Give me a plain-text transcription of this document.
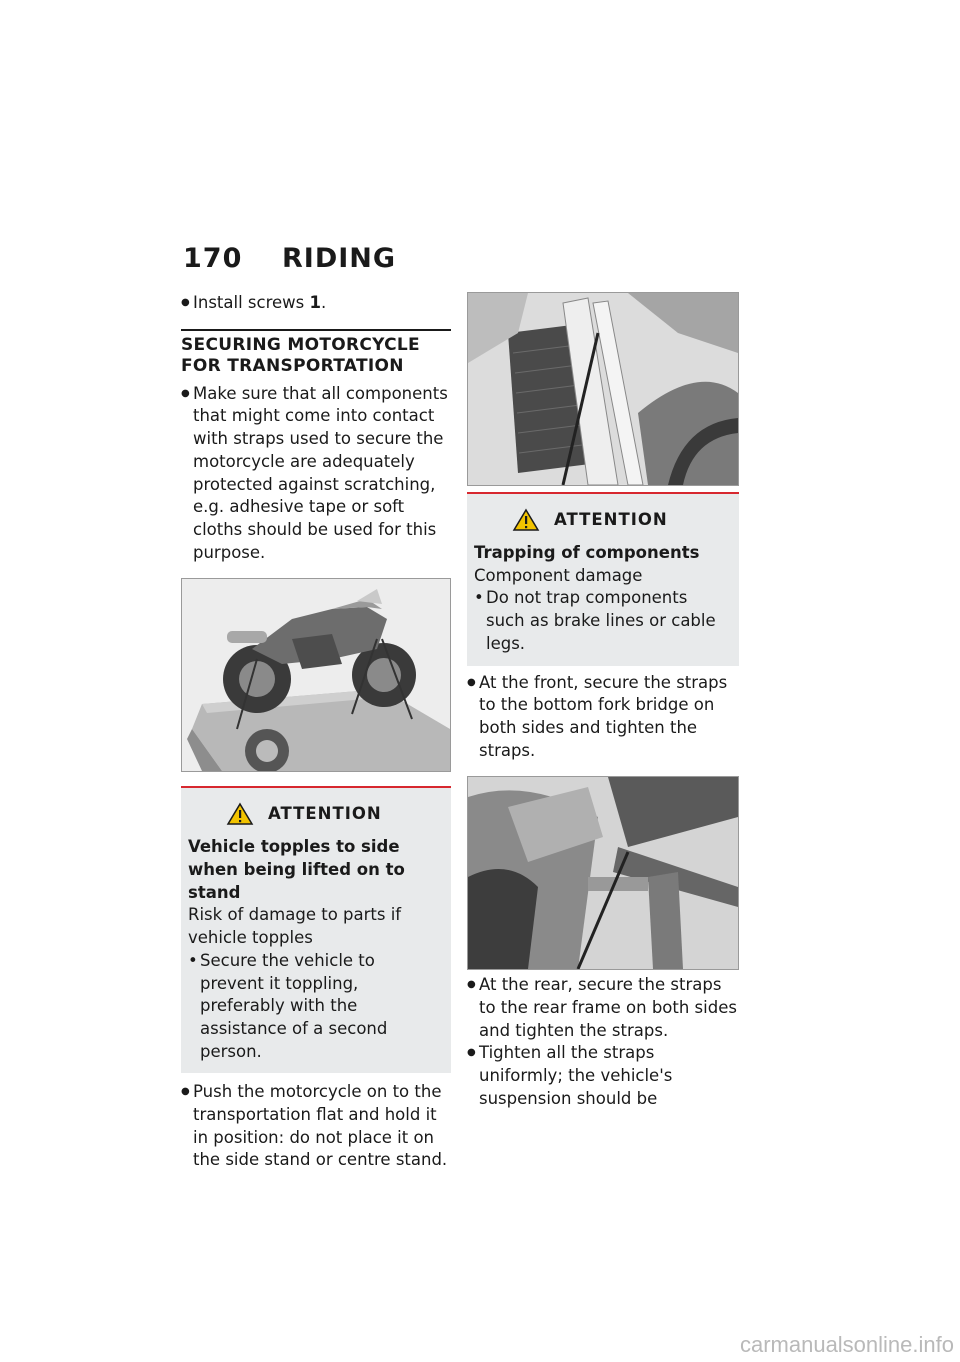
170 RIDING
● Install screws 1.
SECURING MOTORCYCLE
FOR TRANSPORTATION
● Make sure that all components that might come into contact with straps used to secure the motorcycle are adequately protected against scratching, e.g. adhesive tape or soft cloths should be used for this purpose.
ATTENTION
Vehicle topples to side when being lifted on to stand
Risk of damage to parts if vehicle topples
• Secure the vehicle to prevent it toppling, preferably with the assistance of a second person.
● Push the motorcycle on to the transportation flat and hold it in position: do not place it on the side stand or centre stand.
ATTENTION
Trapping of components
Component damage
• Do not trap components such as brake lines or cable legs.
● At the front, secure the straps to the bottom fork bridge on both sides and tighten the straps.
● At the rear, secure the straps to the rear frame on both sides and tighten the straps.
● Tighten all the straps uniformly; the vehicle's suspension should be
carmanualsonline.info
